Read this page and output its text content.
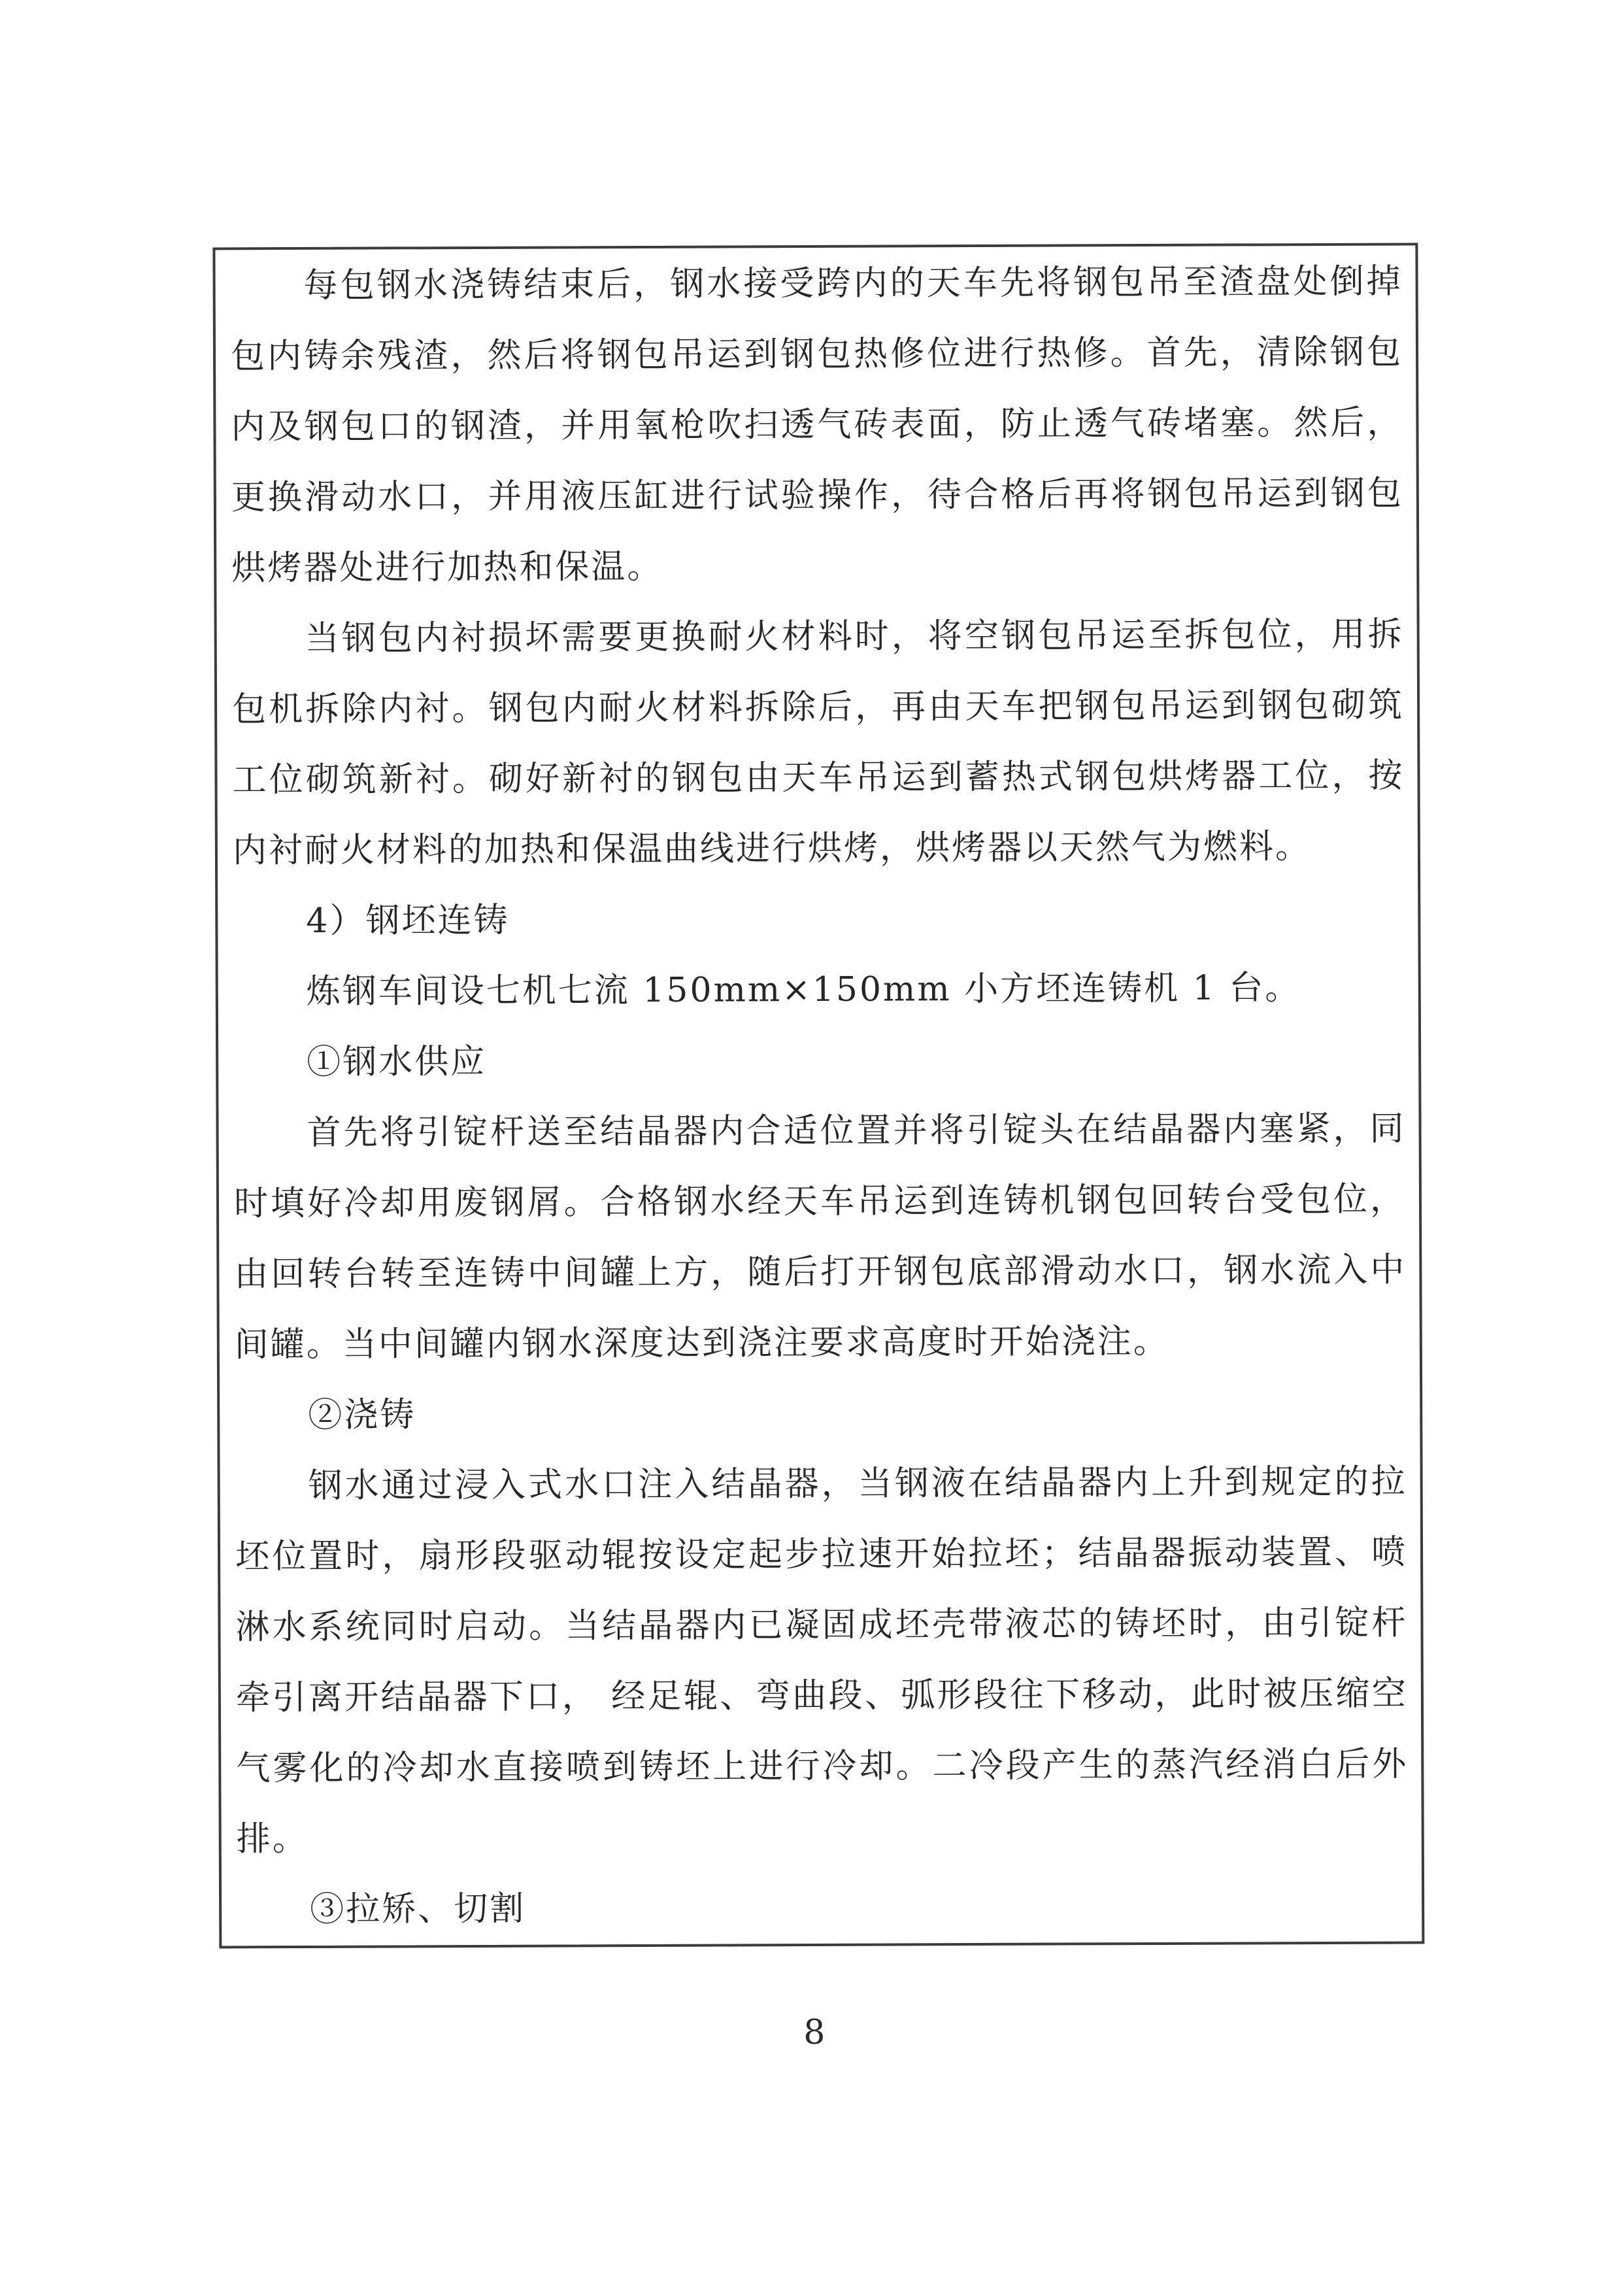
每包钢水浇铸结束后，钢水接受跨内的天车先将钢包吊至渣盘处倒掉
包内铸余残渣，然后将钢包吊运到钢包热修位进行热修。首先，清除钢包
内及钢包口的钢渣，并用氧枪吹扫透气砖表面，防止透气砖堵塞。然后，
更换滑动水口，并用液压缸进行试验操作，待合格后再将钢包吊运到钢包
烘烤器处进行加热和保温。
当钢包内衬损坏需要更换耐火材料时，将空钢包吊运至拆包位，用拆
包机拆除内衬。钢包内耐火材料拆除后，再由天车把钢包吊运到钢包砌筑
工位砌筑新衬。砌好新衬的钢包由天车吊运到蓄热式钢包烘烤器工位，按
内衬耐火材料的加热和保温曲线进行烘烤，烘烤器以天然气为燃料。
4）钢坯连铸
炼钢车间设七机七流 150mm×150mm 小方坯连铸机 1 台。
①钢水供应
首先将引锭杆送至结晶器内合适位置并将引锭头在结晶器内塞紧，同
时填好冷却用废钢屑。合格钢水经天车吊运到连铸机钢包回转台受包位，
由回转台转至连铸中间罐上方，随后打开钢包底部滑动水口，钢水流入中
间罐。当中间罐内钢水深度达到浇注要求高度时开始浇注。
②浇铸
钢水通过浸入式水口注入结晶器，当钢液在结晶器内上升到规定的拉
坯位置时，扇形段驱动辊按设定起步拉速开始拉坯；结晶器振动装置、喷
淋水系统同时启动。当结晶器内已凝固成坯壳带液芯的铸坯时，由引锭杆
牵引离开结晶器下口， 经足辊、弯曲段、弧形段往下移动，此时被压缩空
气雾化的冷却水直接喷到铸坯上进行冷却。二冷段产生的蒸汽经消白后外
排。
③拉矫、切割
8
